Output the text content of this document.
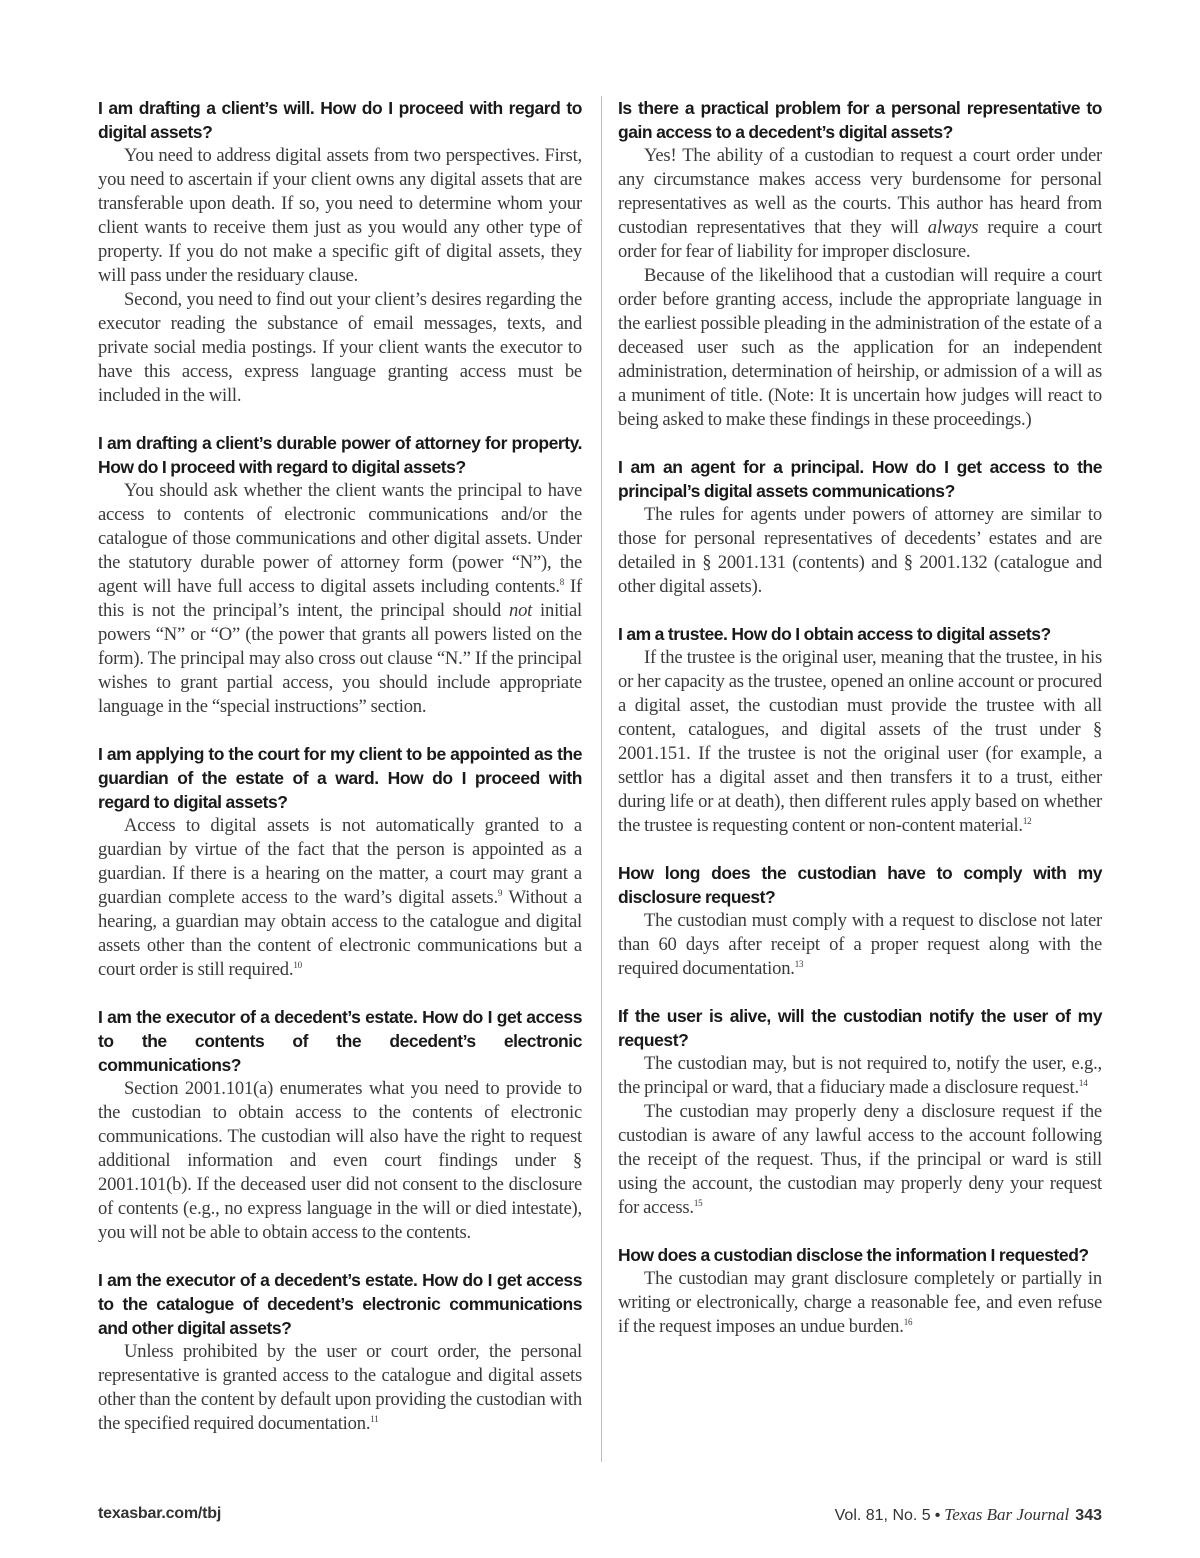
I am drafting a client’s will. How do I proceed with regard to digital assets?

You need to address digital assets from two perspectives. First, you need to ascertain if your client owns any digital assets that are transferable upon death. If so, you need to determine whom your client wants to receive them just as you would any other type of property. If you do not make a specific gift of digital assets, they will pass under the residuary clause.

Second, you need to find out your client’s desires regarding the executor reading the substance of email messages, texts, and private social media postings. If your client wants the executor to have this access, express language granting access must be included in the will.

I am drafting a client’s durable power of attorney for property. How do I proceed with regard to digital assets?

You should ask whether the client wants the principal to have access to contents of electronic communications and/or the catalogue of those communications and other digital assets. Under the statutory durable power of attorney form (power “N”), the agent will have full access to digital assets including contents.$^8$ If this is not the principal’s intent, the principal should not initial powers “N” or “O” (the power that grants all powers listed on the form). The principal may also cross out clause “N.” If the principal wishes to grant partial access, you should include appropriate language in the “special instructions” section.

I am applying to the court for my client to be appointed as the guardian of the estate of a ward. How do I proceed with regard to digital assets?

Access to digital assets is not automatically granted to a guardian by virtue of the fact that the person is appointed as a guardian. If there is a hearing on the matter, a court may grant a guardian complete access to the ward’s digital assets.$^9$ Without a hearing, a guardian may obtain access to the catalogue and digital assets other than the content of electronic communications but a court order is still required.$^{10}$

I am the executor of a decedent’s estate. How do I get access to the contents of the decedent’s electronic communications?

Section 2001.101(a) enumerates what you need to provide to the custodian to obtain access to the contents of electronic communications. The custodian will also have the right to request additional information and even court findings under § 2001.101(b). If the deceased user did not consent to the disclosure of contents (e.g., no express language in the will or died intestate), you will not be able to obtain access to the contents.

I am the executor of a decedent’s estate. How do I get access to the catalogue of decedent’s electronic communications and other digital assets?

Unless prohibited by the user or court order, the personal representative is granted access to the catalogue and digital assets other than the content by default upon providing the custodian with the specified required documentation.$^{11}$

Is there a practical problem for a personal representative to gain access to a decedent’s digital assets?

Yes! The ability of a custodian to request a court order under any circumstance makes access very burdensome for personal representatives as well as the courts. This author has heard from custodian representatives that they will always require a court order for fear of liability for improper disclosure.

Because of the likelihood that a custodian will require a court order before granting access, include the appropriate language in the earliest possible pleading in the administration of the estate of a deceased user such as the application for an independent administration, determination of heirship, or admission of a will as a muniment of title. (Note: It is uncertain how judges will react to being asked to make these findings in these proceedings.)

I am an agent for a principal. How do I get access to the principal’s digital assets communications?

The rules for agents under powers of attorney are similar to those for personal representatives of decedents’ estates and are detailed in § 2001.131 (contents) and § 2001.132 (catalogue and other digital assets).

I am a trustee. How do I obtain access to digital assets?

If the trustee is the original user, meaning that the trustee, in his or her capacity as the trustee, opened an online account or procured a digital asset, the custodian must provide the trustee with all content, catalogues, and digital assets of the trust under § 2001.151. If the trustee is not the original user (for example, a settlor has a digital asset and then transfers it to a trust, either during life or at death), then different rules apply based on whether the trustee is requesting content or non-content material.$^{12}$

How long does the custodian have to comply with my disclosure request?

The custodian must comply with a request to disclose not later than 60 days after receipt of a proper request along with the required documentation.$^{13}$

If the user is alive, will the custodian notify the user of my request?

The custodian may, but is not required to, notify the user, e.g., the principal or ward, that a fiduciary made a disclosure request.$^{14}$

The custodian may properly deny a disclosure request if the custodian is aware of any lawful access to the account following the receipt of the request. Thus, if the principal or ward is still using the account, the custodian may properly deny your request for access.$^{15}$

How does a custodian disclose the information I requested?

The custodian may grant disclosure completely or partially in writing or electronically, charge a reasonable fee, and even refuse if the request imposes an undue burden.$^{16}$

texasbar.com/tbj	Vol. 81, No. 5 • Texas Bar Journal 343
